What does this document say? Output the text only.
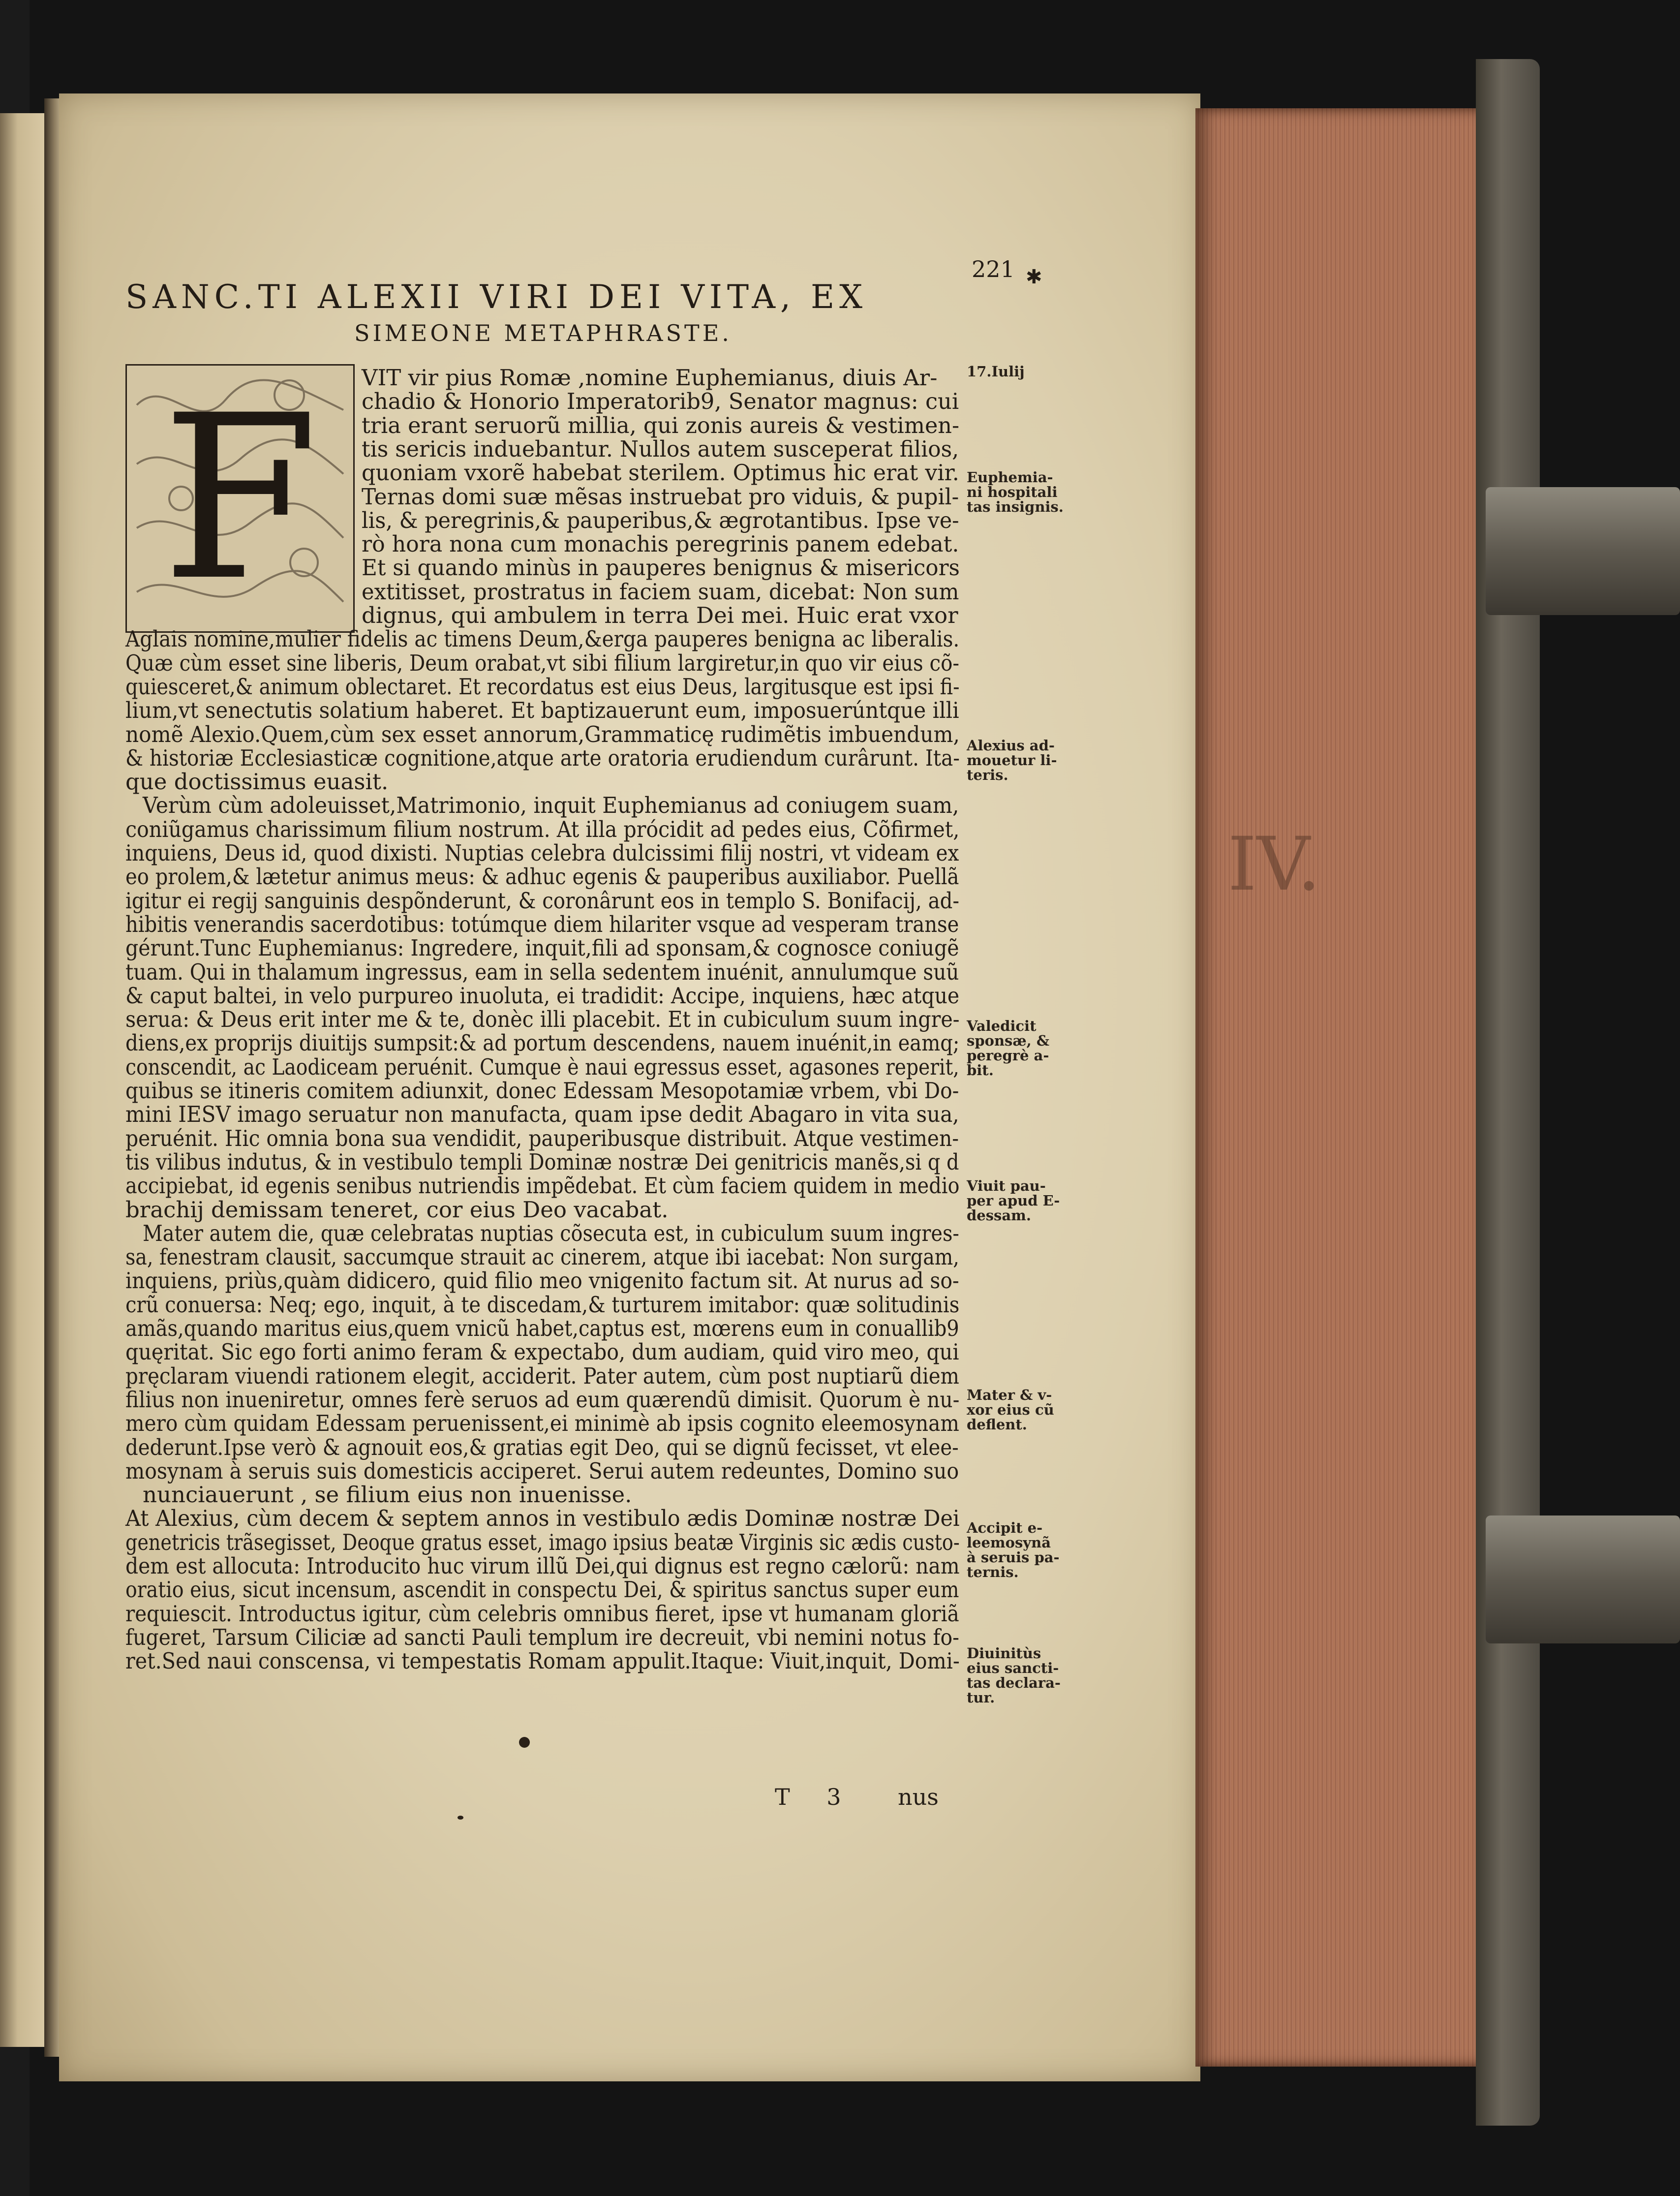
IV.
221 ✱
SANC.TI ALEXII VIRI DEI VITA, EX
SIMEONE METAPHRASTE.
F	VIT vir pius Romæ ,nomine Euphemianus, diuis Ar-
chadio & Honorio Imperatorib9, Senator magnus: cui
tria erant seruorũ millia, qui zonis aureis & vestimen-
tis sericis induebantur. Nullos autem susceperat filios,
quoniam vxorẽ habebat sterilem. Optimus hic erat vir.
Ternas domi suæ mẽsas instruebat pro viduis, & pupil-
lis, & peregrinis,& pauperibus,& ægrotantibus. Ipse ve-
rò hora nona cum monachis peregrinis panem edebat.
Et si quando minùs in pauperes benignus & misericors
extitisset, prostratus in faciem suam, dicebat: Non sum
dignus, qui ambulem in terra Dei mei. Huic erat vxor
Aglais nomine,mulier fidelis ac timens Deum,&erga pauperes benigna ac liberalis.
Quæ cùm esset sine liberis, Deum orabat,vt sibi filium largiretur,in quo vir eius cõ-
quiesceret,& animum oblectaret. Et recordatus est eius Deus, largitusque est ipsi fi-
lium,vt senectutis solatium haberet. Et baptizauerunt eum, imposuerúntque illi
nomẽ Alexio.Quem,cùm sex esset annorum,Grammaticę rudimẽtis imbuendum,
& historiæ Ecclesiasticæ cognitione,atque arte oratoria erudiendum curârunt. Ita-
que doctissimus euasit.
Verùm cùm adoleuisset,Matrimonio, inquit Euphemianus ad coniugem suam,
coniũgamus charissimum filium nostrum. At illa prócidit ad pedes eius, Cõfirmet,
inquiens, Deus id, quod dixisti. Nuptias celebra dulcissimi filij nostri, vt videam ex
eo prolem,& lætetur animus meus: & adhuc egenis & pauperibus auxiliabor. Puellã
igitur ei regij sanguinis despõnderunt, & coronârunt eos in templo S. Bonifacij, ad-
hibitis venerandis sacerdotibus: totúmque diem hilariter vsque ad vesperam transe
gérunt.Tunc Euphemianus: Ingredere, inquit,fili ad sponsam,& cognosce coniugẽ
tuam. Qui in thalamum ingressus, eam in sella sedentem inuénit, annulumque suũ
& caput baltei, in velo purpureo inuoluta, ei tradidit: Accipe, inquiens, hæc atque
serua: & Deus erit inter me & te, donèc illi placebit. Et in cubiculum suum ingre-
diens,ex proprijs diuitijs sumpsit:& ad portum descendens, nauem inuénit,in eamq;
conscendit, ac Laodiceam peruénit. Cumque è naui egressus esset, agasones reperit,
quibus se itineris comitem adiunxit, donec Edessam Mesopotamiæ vrbem, vbi Do-
mini IESV imago seruatur non manufacta, quam ipse dedit Abagaro in vita sua,
peruénit. Hic omnia bona sua vendidit, pauperibusque distribuit. Atque vestimen-
tis vilibus indutus, & in vestibulo templi Dominæ nostræ Dei genitricis manẽs,si q d
accipiebat, id egenis senibus nutriendis impẽdebat. Et cùm faciem quidem in medio
brachij demissam teneret, cor eius Deo vacabat.
Mater autem die, quæ celebratas nuptias cõsecuta est, in cubiculum suum ingres-
sa, fenestram clausit, saccumque strauit ac cinerem, atque ibi iacebat: Non surgam,
inquiens, priùs,quàm didicero, quid filio meo vnigenito factum sit. At nurus ad so-
crũ conuersa: Neq; ego, inquit, à te discedam,& turturem imitabor: quæ solitudinis
amãs,quando maritus eius,quem vnicũ habet,captus est, mœrens eum in conuallib9
quęritat. Sic ego forti animo feram & expectabo, dum audiam, quid viro meo, qui
pręclaram viuendi rationem elegit, acciderit. Pater autem, cùm post nuptiarũ diem
filius non inueniretur, omnes ferè seruos ad eum quærendũ dimisit. Quorum è nu-
mero cùm quidam Edessam peruenissent,ei minimè ab ipsis cognito eleemosynam
dederunt.Ipse verò & agnouit eos,& gratias egit Deo, qui se dignũ fecisset, vt elee-
mosynam à seruis suis domesticis acciperet. Serui autem redeuntes, Domino suo
nunciauerunt , se filium eius non inuenisse.
At Alexius, cùm decem & septem annos in vestibulo ædis Dominæ nostræ Dei
genetricis trãsegisset, Deoque gratus esset, imago ipsius beatæ Virginis sic ædis custo-
dem est allocuta: Introducito huc virum illũ Dei,qui dignus est regno cælorũ: nam
oratio eius, sicut incensum, ascendit in conspectu Dei, & spiritus sanctus super eum
requiescit. Introductus igitur, cùm celebris omnibus fieret, ipse vt humanam gloriã
fugeret, Tarsum Ciliciæ ad sancti Pauli templum ire decreuit, vbi nemini notus fo-
ret.Sed naui conscensa, vi tempestatis Romam appulit.Itaque: Viuit,inquit, Domi-
17.Iulij
Euphemia-
ni hospitali
tas insignis.
Alexius ad-
mouetur li-
teris.
Valedicit
sponsæ, &
peregrè a-
bit.
Viuit pau-
per apud E-
dessam.
Mater & v-
xor eius cũ
deflent.
Accipit e-
leemosynã
à seruis pa-
ternis.
Diuinitùs
eius sancti-
tas declara-
tur.
T 3 nus
